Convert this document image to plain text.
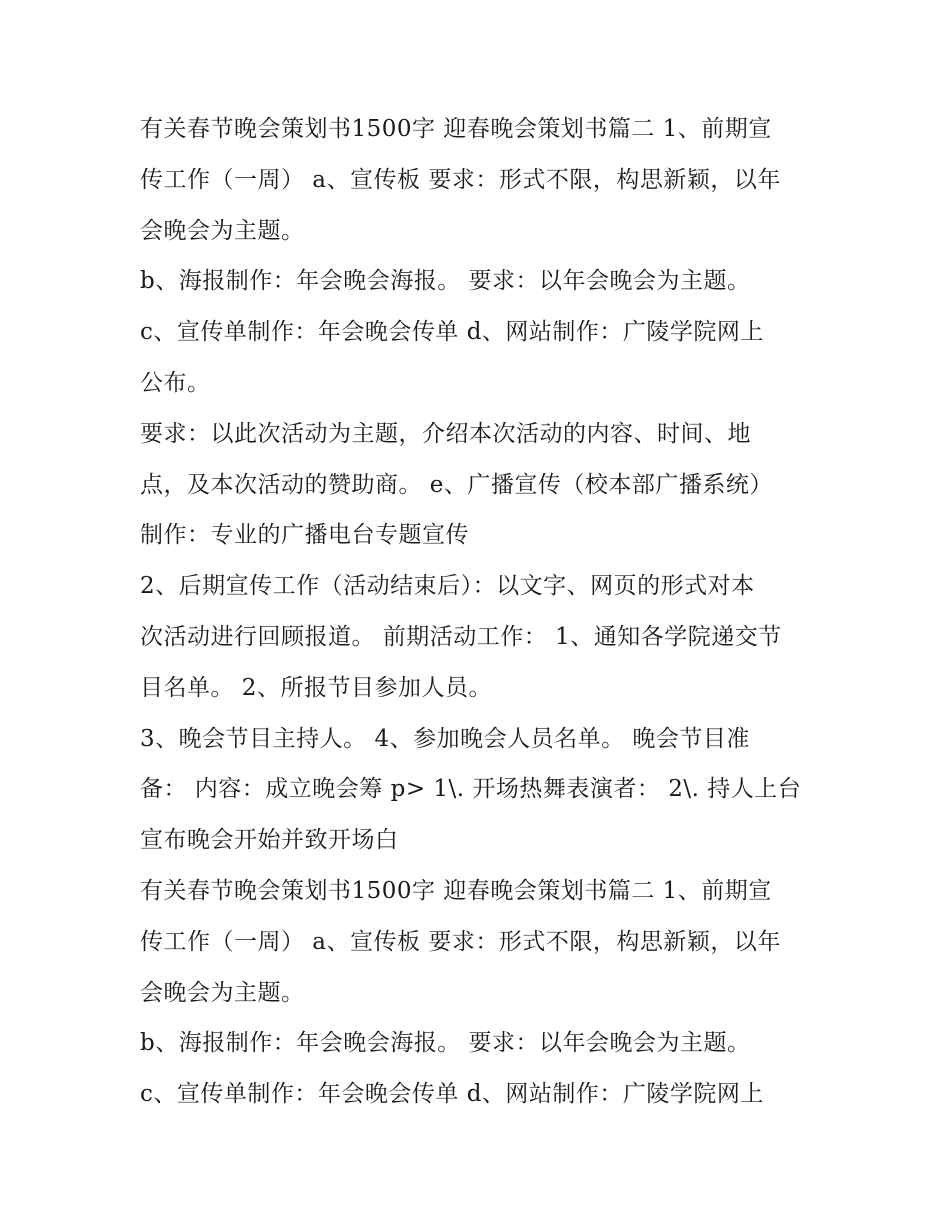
有关春节晚会策划书1500字 迎春晚会策划书篇二 1、前期宣

传工作（一周） a、宣传板 要求：形式不限，构思新颖，以年

会晚会为主题。

b、海报制作：年会晚会海报。 要求：以年会晚会为主题。

c、宣传单制作：年会晚会传单 d、网站制作：广陵学院网上

公布。

要求：以此次活动为主题，介绍本次活动的内容、时间、地

点，及本次活动的赞助商。 e、广播宣传（校本部广播系统）

制作：专业的广播电台专题宣传

2、后期宣传工作（活动结束后）：以文字、网页的形式对本

次活动进行回顾报道。 前期活动工作： 1、通知各学院递交节

目名单。 2、所报节目参加人员。

3、晚会节目主持人。 4、参加晚会人员名单。 晚会节目准

备： 内容：成立晚会筹 p> 1\. 开场热舞表演者： 2\. 持人上台

宣布晚会开始并致开场白

有关春节晚会策划书1500字 迎春晚会策划书篇二 1、前期宣

传工作（一周） a、宣传板 要求：形式不限，构思新颖，以年

会晚会为主题。

b、海报制作：年会晚会海报。 要求：以年会晚会为主题。

c、宣传单制作：年会晚会传单 d、网站制作：广陵学院网上
